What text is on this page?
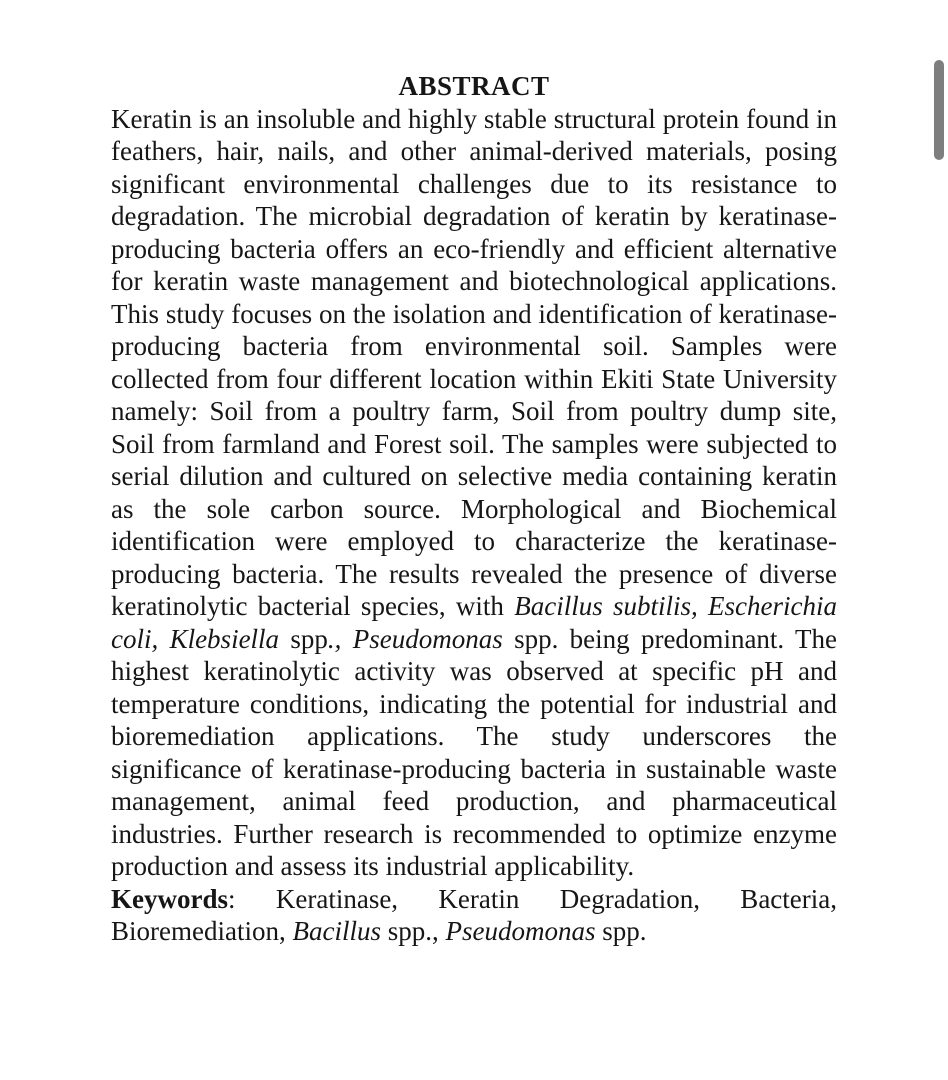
ABSTRACT

Keratin is an insoluble and highly stable structural protein found in feathers, hair, nails, and other animal-derived materials, posing significant environmental challenges due to its resistance to degradation. The microbial degradation of keratin by keratinase-producing bacteria offers an eco-friendly and efficient alternative for keratin waste management and biotechnological applications. This study focuses on the isolation and identification of keratinase-producing bacteria from environmental soil. Samples were collected from four different location within Ekiti State University namely: Soil from a poultry farm, Soil from poultry dump site, Soil from farmland and Forest soil. The samples were subjected to serial dilution and cultured on selective media containing keratin as the sole carbon source. Morphological and Biochemical identification were employed to characterize the keratinase-producing bacteria. The results revealed the presence of diverse keratinolytic bacterial species, with Bacillus subtilis, Escherichia coli, Klebsiella spp., Pseudomonas spp. being predominant. The highest keratinolytic activity was observed at specific pH and temperature conditions, indicating the potential for industrial and bioremediation applications. The study underscores the significance of keratinase-producing bacteria in sustainable waste management, animal feed production, and pharmaceutical industries. Further research is recommended to optimize enzyme production and assess its industrial applicability.

Keywords: Keratinase, Keratin Degradation, Bacteria, Bioremediation, Bacillus spp., Pseudomonas spp.
